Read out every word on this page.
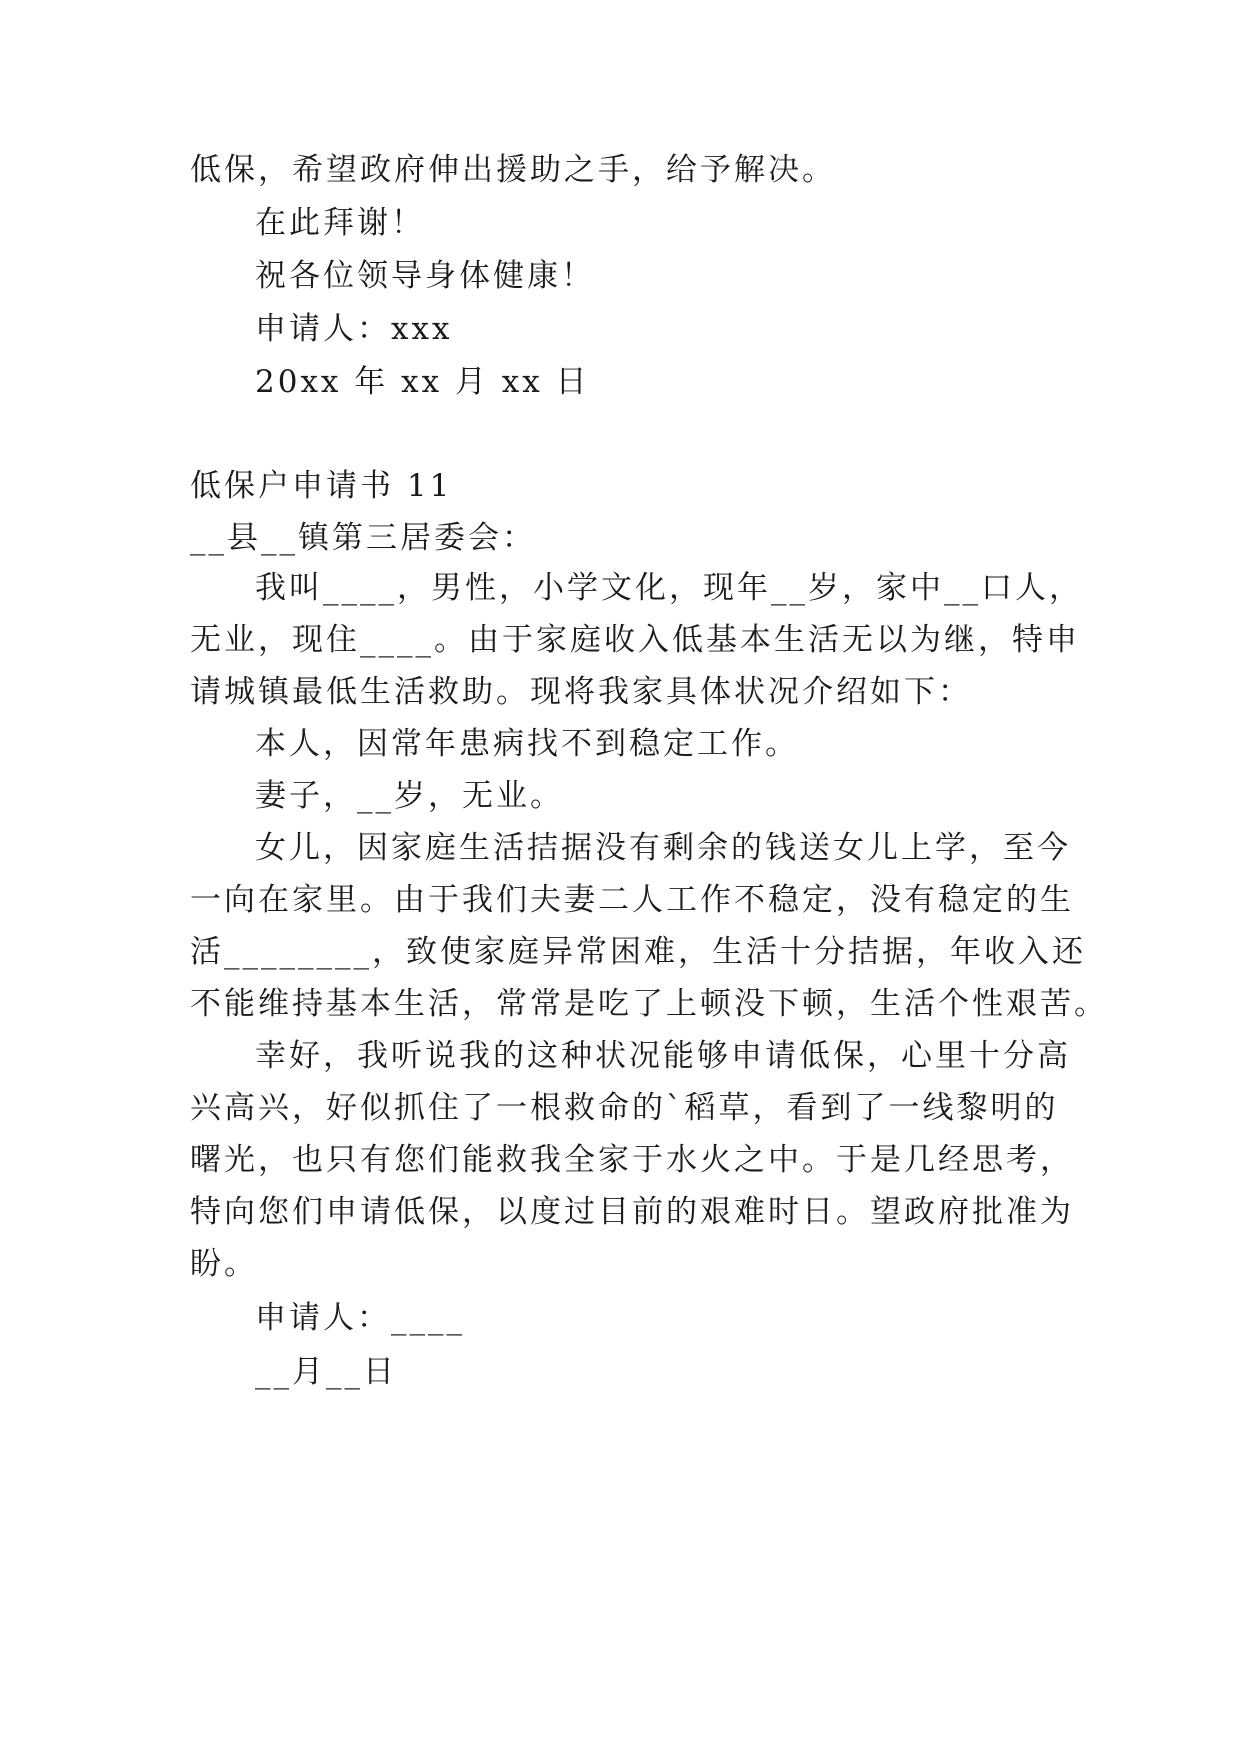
低保，希望政府伸出援助之手，给予解决。
在此拜谢！
祝各位领导身体健康！
申请人：xxx
20xx 年 xx 月 xx 日
低保户申请书 11
__县__镇第三居委会：
我叫____，男性，小学文化，现年__岁，家中__口人，
无业，现住____。由于家庭收入低基本生活无以为继，特申
请城镇最低生活救助。现将我家具体状况介绍如下：
本人，因常年患病找不到稳定工作。
妻子，__岁，无业。
女儿，因家庭生活拮据没有剩余的钱送女儿上学，至今
一向在家里。由于我们夫妻二人工作不稳定，没有稳定的生
活________，致使家庭异常困难，生活十分拮据，年收入还
不能维持基本生活，常常是吃了上顿没下顿，生活个性艰苦。
幸好，我听说我的这种状况能够申请低保，心里十分高
兴高兴，好似抓住了一根救命的`稻草，看到了一线黎明的
曙光，也只有您们能救我全家于水火之中。于是几经思考，
特向您们申请低保，以度过目前的艰难时日。望政府批准为
盼。
申请人：____
__月__日
